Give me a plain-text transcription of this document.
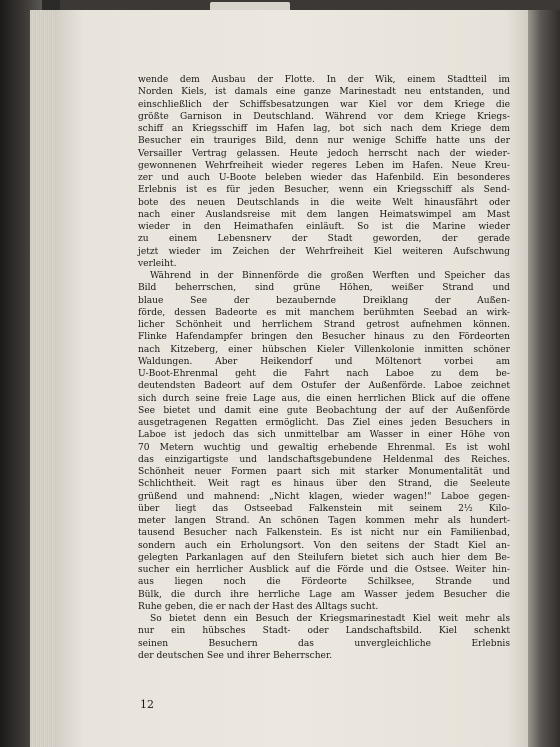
wende dem Ausbau der Flotte. In der Wik, einem Stadtteil im
Norden Kiels, ist damals eine ganze Marinestadt neu entstanden, und
einschließlich der Schiffsbesatzungen war Kiel vor dem Kriege die
größte Garnison in Deutschland. Während vor dem Kriege Kriegs-
schiff an Kriegsschiff im Hafen lag, bot sich nach dem Kriege dem
Besucher ein trauriges Bild, denn nur wenige Schiffe hatte uns der
Versailler Vertrag gelassen. Heute jedoch herrscht nach der wieder-
gewonnenen Wehrfreiheit wieder regeres Leben im Hafen. Neue Kreu-
zer und auch U-Boote beleben wieder das Hafenbild. Ein besonderes
Erlebnis ist es für jeden Besucher, wenn ein Kriegsschiff als Send-
bote des neuen Deutschlands in die weite Welt hinausfährt oder
nach einer Auslandsreise mit dem langen Heimatswimpel am Mast
wieder in den Heimathafen einläuft. So ist die Marine wieder
zu einem Lebensnerv der Stadt geworden, der gerade
jetzt wieder im Zeichen der Wehrfreiheit Kiel weiteren Aufschwung
verleiht.
Während in der Binnenförde die großen Werften und Speicher das
Bild beherrschen, sind grüne Höhen, weißer Strand und
blaue See der bezaubernde Dreiklang der Außen-
förde, dessen Badeorte es mit manchem berühmten Seebad an wirk-
licher Schönheit und herrlichem Strand getrost aufnehmen können.
Flinke Hafendampfer bringen den Besucher hinaus zu den Fördeorten
nach Kitzeberg, einer hübschen Kieler Villenkolonie inmitten schöner
Waldungen. Aber Heikendorf und Möltenort vorbei am
U-Boot-Ehrenmal geht die Fahrt nach Laboe zu dem be-
deutendsten Badeort auf dem Ostufer der Außenförde. Laboe zeichnet
sich durch seine freie Lage aus, die einen herrlichen Blick auf die offene
See bietet und damit eine gute Beobachtung der auf der Außenförde
ausgetragenen Regatten ermöglicht. Das Ziel eines jeden Besuchers in
Laboe ist jedoch das sich unmittelbar am Wasser in einer Höhe von
70 Metern wuchtig und gewaltig erhebende Ehrenmal. Es ist wohl
das einzigartigste und landschaftsgebundene Heldenmal des Reiches.
Schönheit neuer Formen paart sich mit starker Monumentalität und
Schlichtheit. Weit ragt es hinaus über den Strand, die Seeleute
grüßend und mahnend: „Nicht klagen, wieder wagen!" Laboe gegen-
über liegt das Ostseebad Falkenstein mit seinem 2½ Kilo-
meter langen Strand. An schönen Tagen kommen mehr als hundert-
tausend Besucher nach Falkenstein. Es ist nicht nur ein Familienbad,
sondern auch ein Erholungsort. Von den seitens der Stadt Kiel an-
gelegten Parkanlagen auf den Steilufern bietet sich auch hier dem Be-
sucher ein herrlicher Ausblick auf die Förde und die Ostsee. Weiter hin-
aus liegen noch die Fördeorte Schilksee, Strande und
Bülk, die durch ihre herrliche Lage am Wasser jedem Besucher die
Ruhe geben, die er nach der Hast des Alltags sucht.
So bietet denn ein Besuch der Kriegsmarinestadt Kiel weit mehr als
nur ein hübsches Stadt- oder Landschaftsbild. Kiel schenkt
seinen Besuchern das unvergleichliche Erlebnis
der deutschen See und ihrer Beherrscher.
12
